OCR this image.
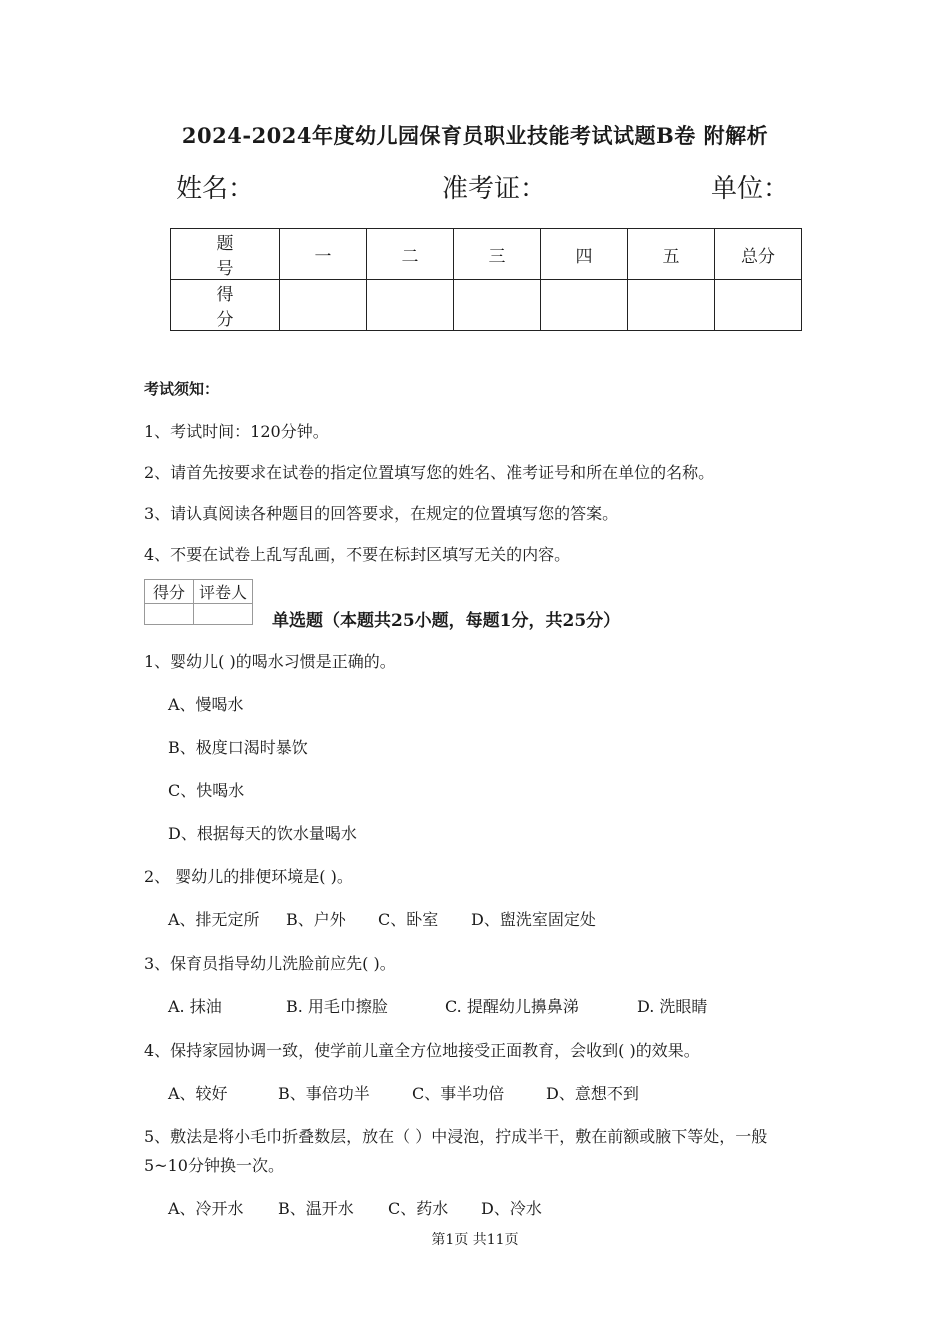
2024-2024年度幼儿园保育员职业技能考试试题B卷 附解析
姓名：	准考证：	单位：
题 号	一	二	三	四	五	总分
得 分						
考试须知：
1、考试时间：120分钟。
2、请首先按要求在试卷的指定位置填写您的姓名、准考证号和所在单位的名称。
3、请认真阅读各种题目的回答要求，在规定的位置填写您的答案。
4、不要在试卷上乱写乱画，不要在标封区填写无关的内容。
得分	评卷人

单选题（本题共25小题，每题1分，共25分）
1、婴幼儿( )的喝水习惯是正确的。
A、慢喝水
B、极度口渴时暴饮
C、快喝水
D、根据每天的饮水量喝水
2、 婴幼儿的排便环境是( )。
A、排无定所 B、户外 C、卧室 D、盥洗室固定处
3、保育员指导幼儿洗脸前应先( )。
A. 抹油	B. 用毛巾擦脸	C. 提醒幼儿擤鼻涕	D. 洗眼睛
4、保持家园协调一致，使学前儿童全方位地接受正面教育，会收到( )的效果。
A、较好	B、事倍功半	C、事半功倍	D、意想不到
5、敷法是将小毛巾折叠数层，放在（ ）中浸泡，拧成半干，敷在前额或腋下等处，一般
5~10分钟换一次。
A、冷开水 B、温开水 C、药水 D、冷水
第1页 共11页
